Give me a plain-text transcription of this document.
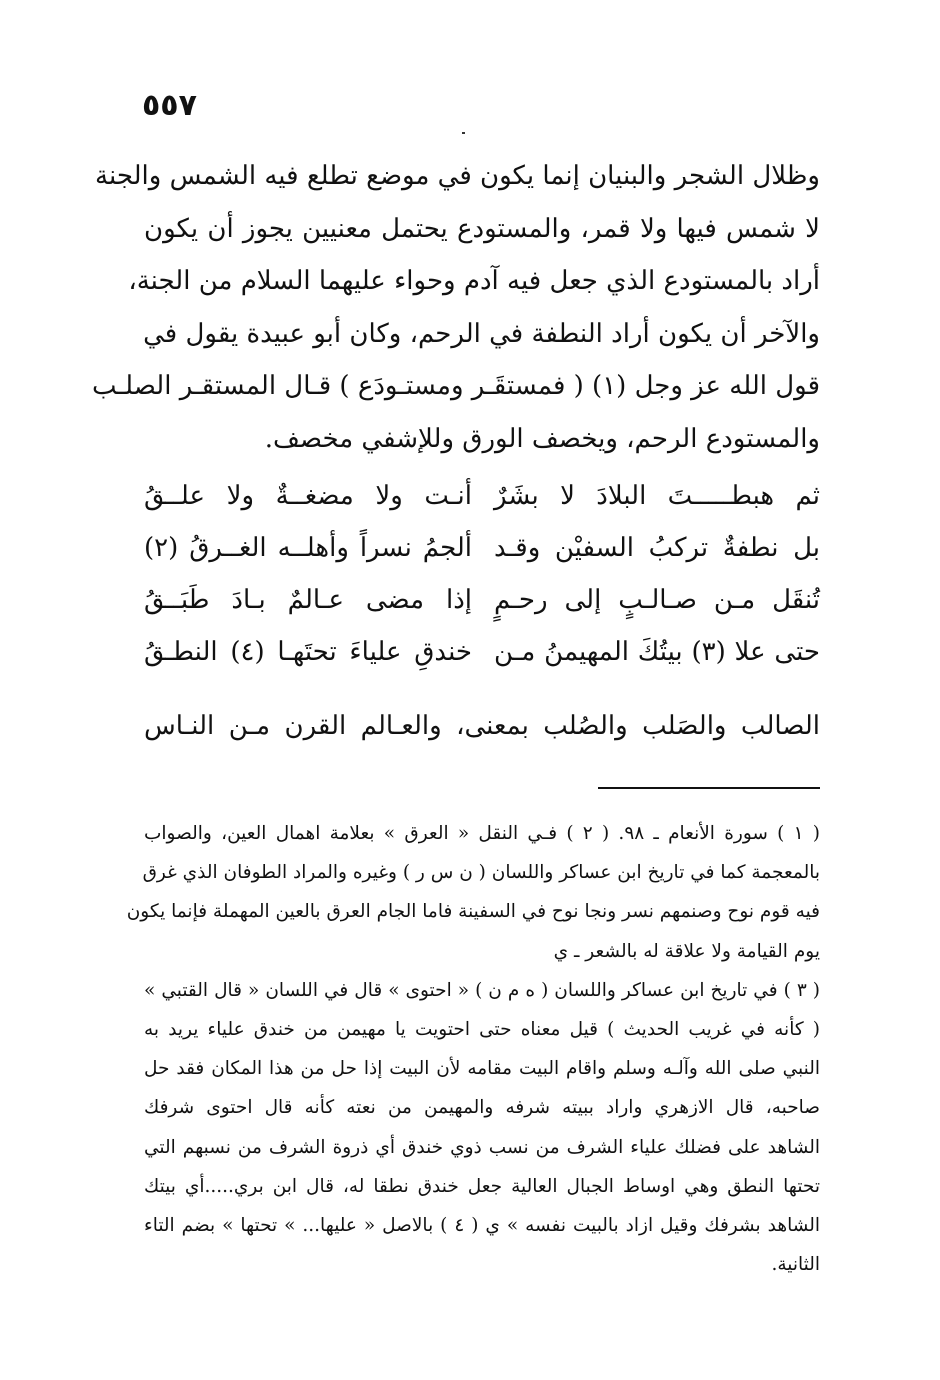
٥٥٧
وظلال الشجر والبنيان إنما يكون في موضع تطلع فيه الشمس والجنة
لا شمس فيها ولا قمر، والمستودع يحتمل معنيين يجوز أن يكون
أراد بالمستودع الذي جعل فيه آدم وحواء عليهما السلام من الجنة،
والآخر أن يكون أراد النطفة في الرحم، وكان أبو عبيدة يقول في
قول الله عز وجل (١) ( فمستقَـر ومستـودَع ) قـال المستقـر الصلـب
والمستودع الرحم، ويخصف الورق وللإشفي مخصف.
ثم هبطـــــتَ البلادَ لا بشَرٌ
أنـت ولا مضغــةٌ ولا علــقُ
بل نطفةٌ تركبُ السفيْن وقـد
ألجمُ نسراً وأهلــه الغــرقُ (٢)
تُنقَل مـن صـالـبٍ إلى رحـمٍ
إذا مضى عـالمٌ بـادَ طَبَــقُ
حتى علا (٣) بيتُكَ المهيمنُ مـن
خندقِ علياءَ تحتَهـا (٤) النطـقُ
الصالب والصَلب والصُلب بمعنى، والعـالم القرن مـن النـاس
( ١ ) سورة الأنعام ـ ٩٨. ( ٢ ) فـي النقل « العرق » بعلامة اهمال العين، والصواب
بالمعجمة كما في تاريخ ابن عساكر واللسان ( ن س ر ) وغيره والمراد الطوفان الذي غرق
فيه قوم نوح وصنمهم نسر ونجا نوح في السفينة فاما الجام العرق بالعين المهملة فإنما يكون
يوم القيامة ولا علاقة له بالشعر ـ ي
( ٣ ) في تاريخ ابن عساكر واللسان ( ه م ن ) « احتوى » قال في اللسان « قال القتبي »
( كأنه في غريب الحديث ) قيل معناه حتى احتويت يا مهيمن من خندق علياء يريد به
النبي صلى الله وآلـه وسلم واقام البيت مقامه لأن البيت إذا حل من هذا المكان فقد حل
صاحبه، قال الازهري واراد ببيته شرفه والمهيمن من نعته كأنه قال احتوى شرفك
الشاهد على فضلك علياء الشرف من نسب ذوي خندق أي ذروة الشرف من نسبهم التي
تحتها النطق وهي اوساط الجبال العالية جعل خندق نطقا له، قال ابن بري.....أي بيتك
الشاهد بشرفك وقيل ازاد بالبيت نفسه » ي ( ٤ ) بالاصل « عليها... » تحتها » بضم التاء
الثانية.
